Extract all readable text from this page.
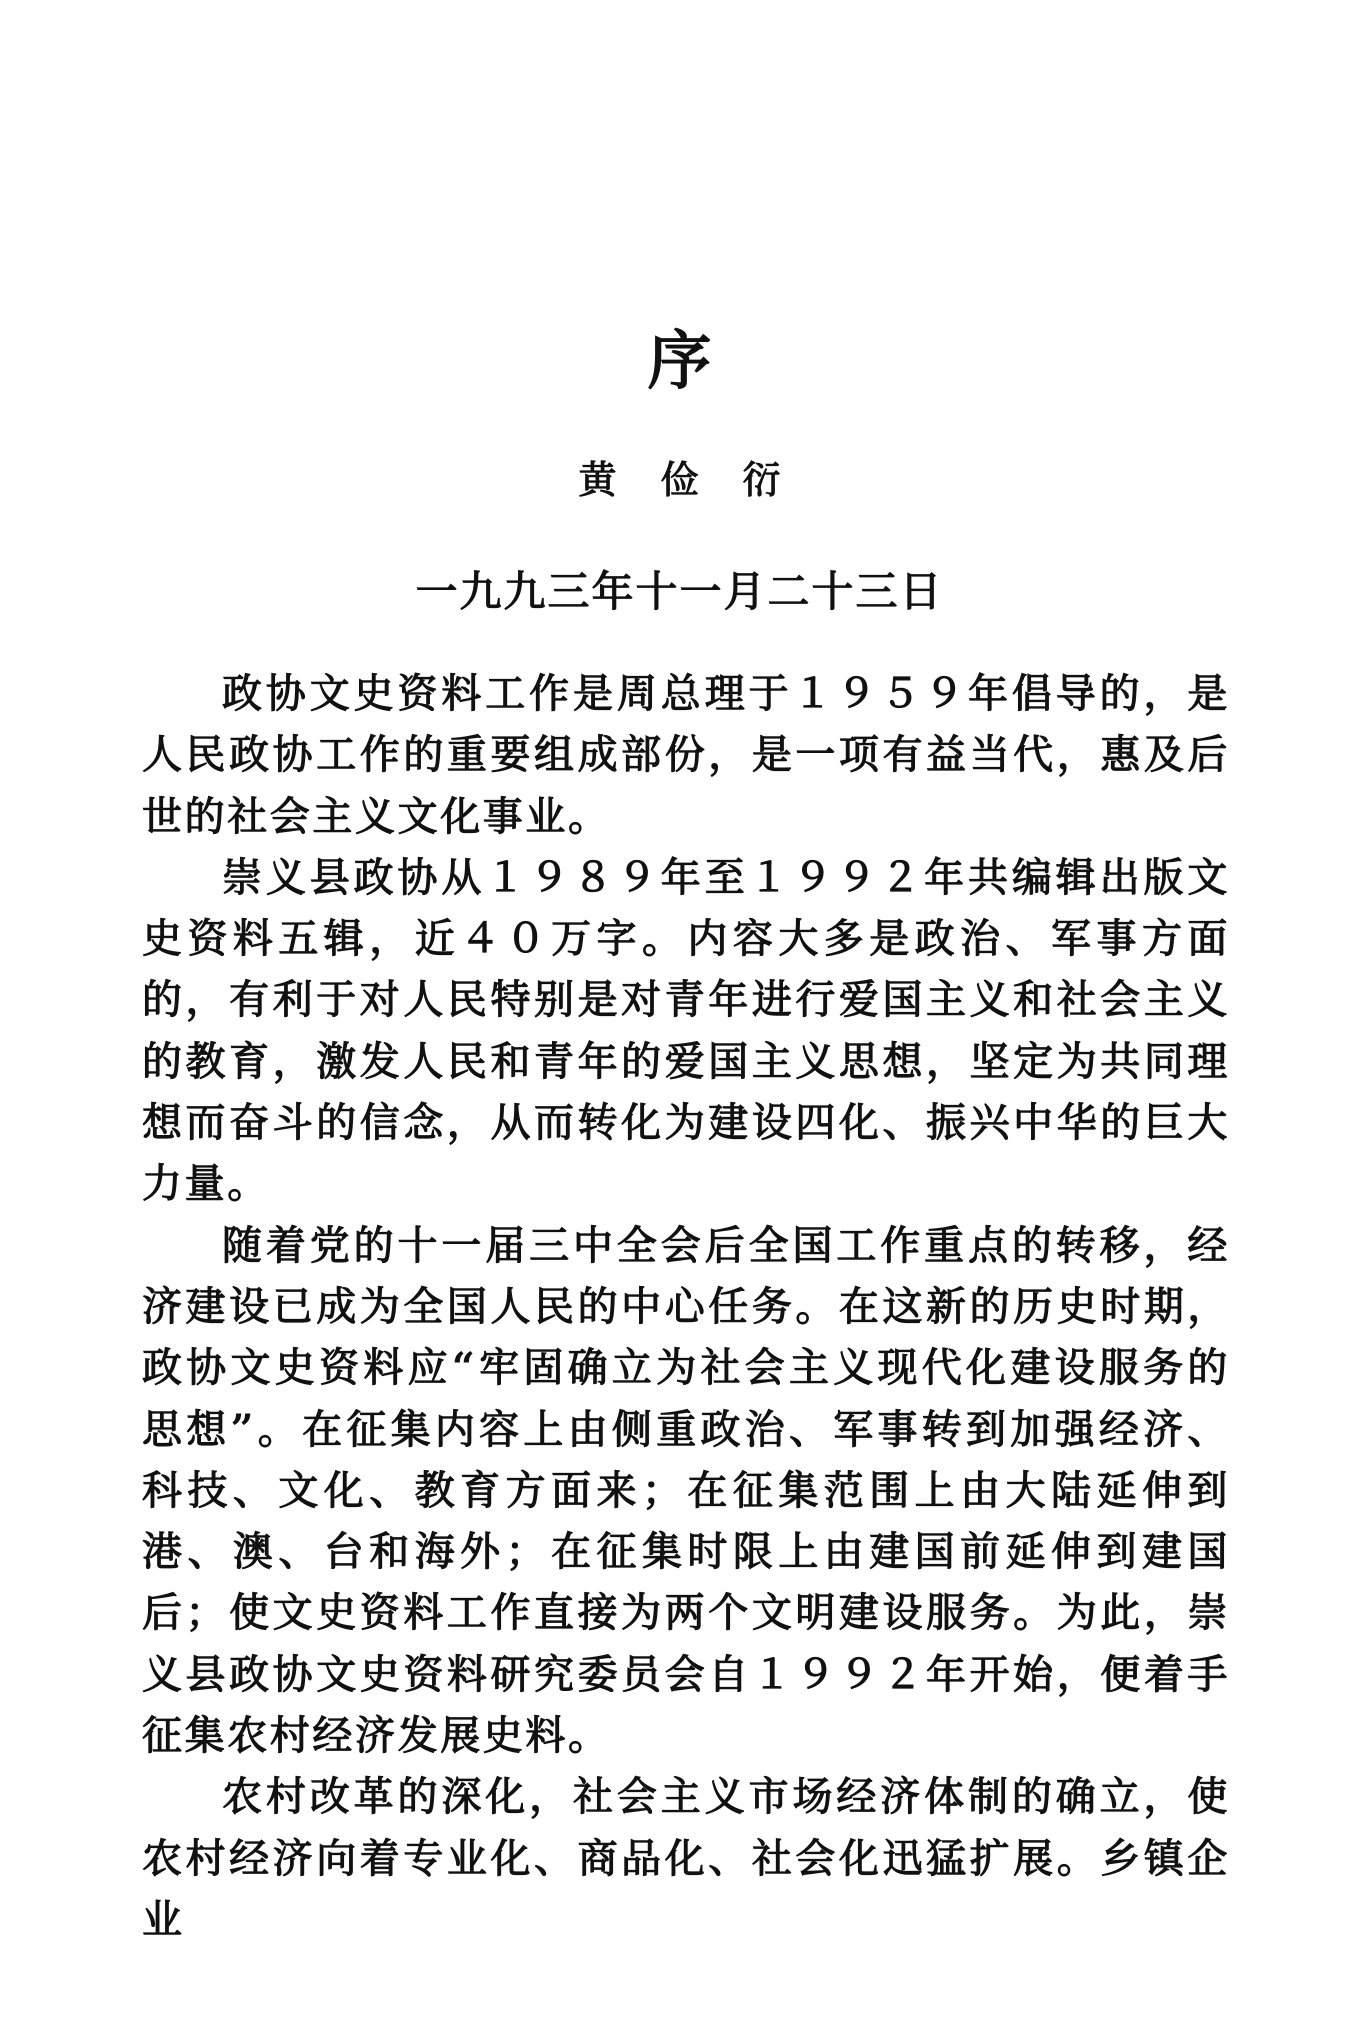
序
黄俭衍
一九九三年十一月二十三日

政协文史资料工作是周总理于１９５９年倡导的，是人民政协工作的重要组成部份，是一项有益当代，惠及后世的社会主义文化事业。

崇义县政协从１９８９年至１９９２年共编辑出版文史资料五辑，近４０万字。内容大多是政治、军事方面的，有利于对人民特别是对青年进行爱国主义和社会主义的教育，激发人民和青年的爱国主义思想，坚定为共同理想而奋斗的信念，从而转化为建设四化、振兴中华的巨大力量。

随着党的十一届三中全会后全国工作重点的转移，经济建设已成为全国人民的中心任务。在这新的历史时期，政协文史资料应“牢固确立为社会主义现代化建设服务的思想”。在征集内容上由侧重政治、军事转到加强经济、科技、文化、教育方面来；在征集范围上由大陆延伸到港、澳、台和海外；在征集时限上由建国前延伸到建国后；使文史资料工作直接为两个文明建设服务。为此，崇义县政协文史资料研究委员会自１９９２年开始，便着手征集农村经济发展史料。

农村改革的深化，社会主义市场经济体制的确立，使农村经济向着专业化、商品化、社会化迅猛扩展。乡镇企业
